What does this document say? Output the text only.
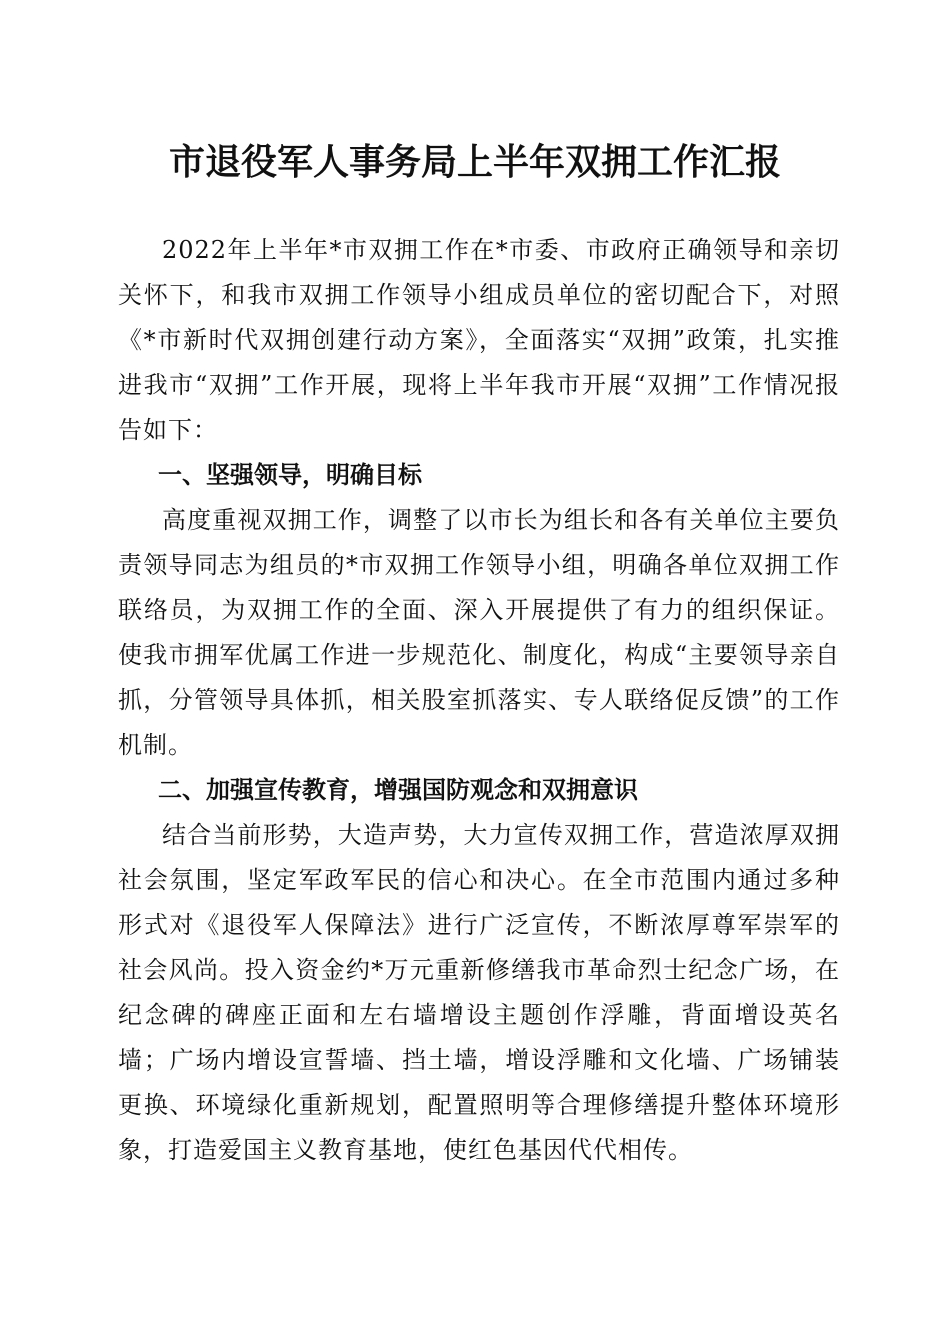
市退役军人事务局上半年双拥工作汇报

2022年上半年*市双拥工作在*市委、市政府正确领导和亲切关怀下，和我市双拥工作领导小组成员单位的密切配合下，对照《*市新时代双拥创建行动方案》，全面落实“双拥”政策，扎实推进我市“双拥”工作开展，现将上半年我市开展“双拥”工作情况报告如下：

一、坚强领导，明确目标

高度重视双拥工作，调整了以市长为组长和各有关单位主要负责领导同志为组员的*市双拥工作领导小组，明确各单位双拥工作联络员，为双拥工作的全面、深入开展提供了有力的组织保证。使我市拥军优属工作进一步规范化、制度化，构成“主要领导亲自抓，分管领导具体抓，相关股室抓落实、专人联络促反馈”的工作机制。

二、加强宣传教育，增强国防观念和双拥意识

结合当前形势，大造声势，大力宣传双拥工作，营造浓厚双拥社会氛围，坚定军政军民的信心和决心。在全市范围内通过多种形式对《退役军人保障法》进行广泛宣传，不断浓厚尊军崇军的社会风尚。投入资金约*万元重新修缮我市革命烈士纪念广场，在纪念碑的碑座正面和左右墙增设主题创作浮雕，背面增设英名墙；广场内增设宣誓墙、挡土墙，增设浮雕和文化墙、广场铺装更换、环境绿化重新规划，配置照明等合理修缮提升整体环境形象，打造爱国主义教育基地，使红色基因代代相传。
